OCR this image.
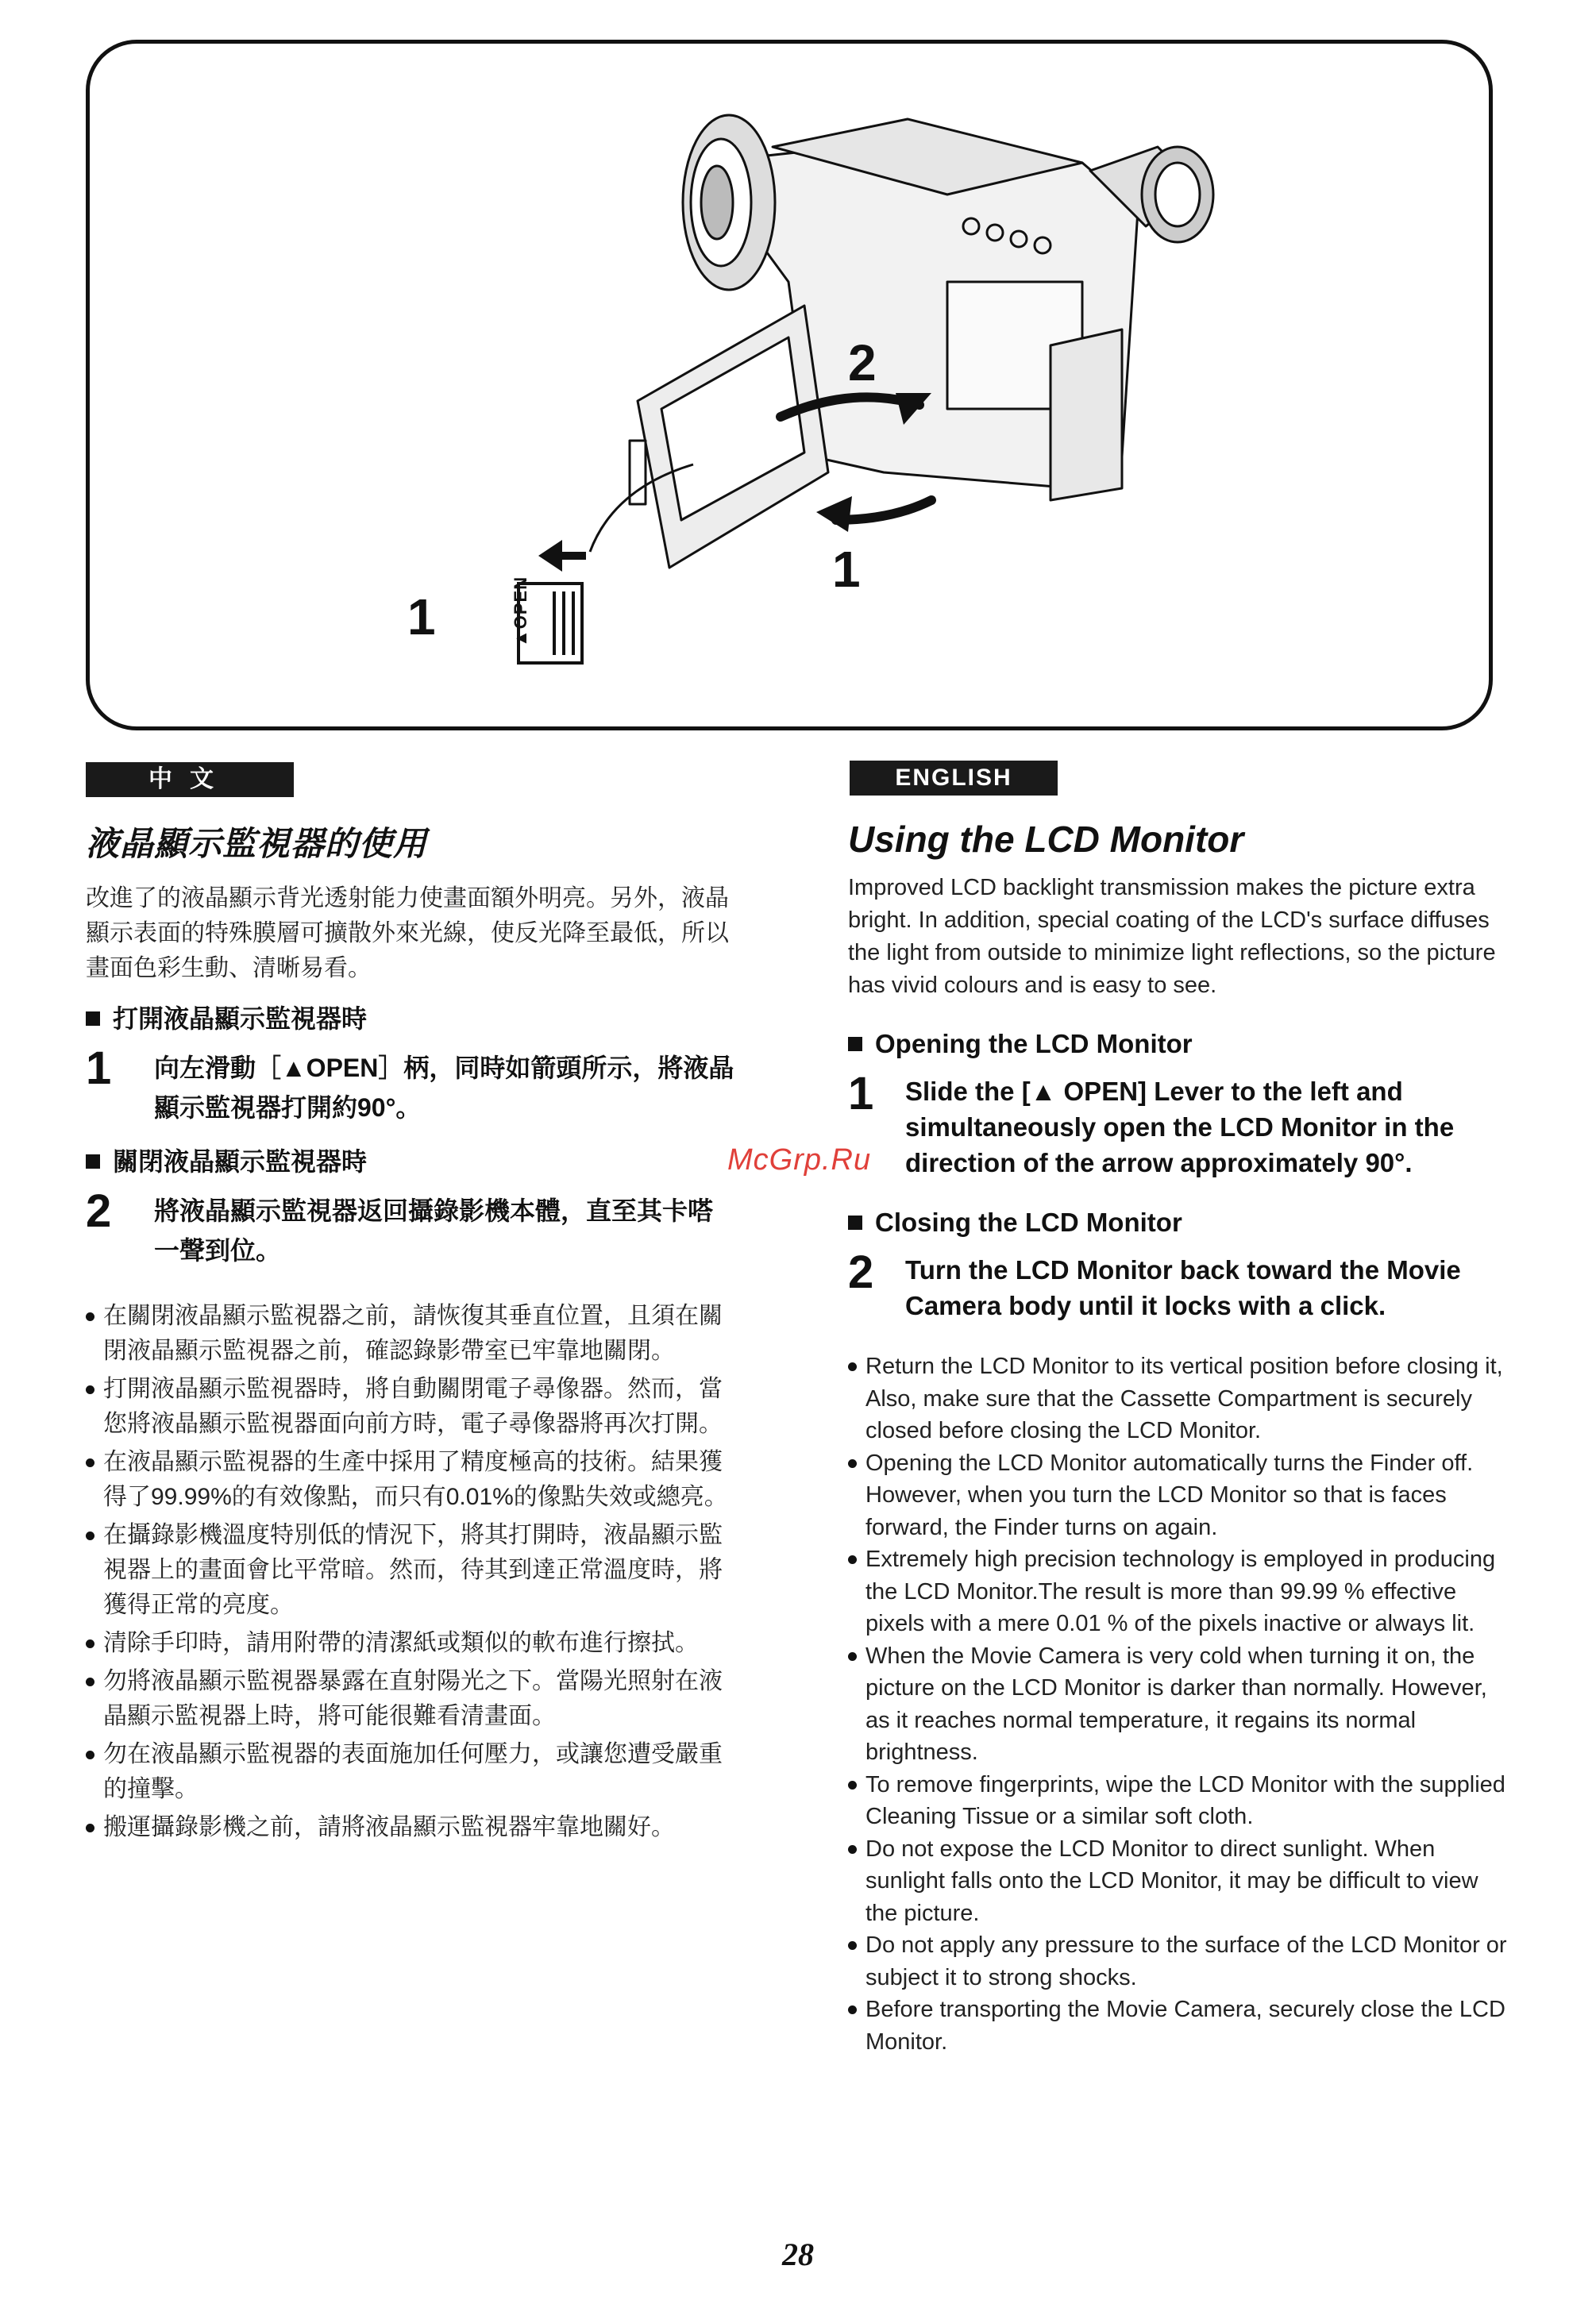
2
1
1	▲OPEN
中文	ENGLISH
液晶顯示監視器的使用

改進了的液晶顯示背光透射能力使畫面額外明亮。另外，液晶顯示表面的特殊膜層可擴散外來光線，使反光降至最低，所以畫面色彩生動、清晰易看。

打開液晶顯示監視器時
1	向左滑動［▲OPEN］柄，同時如箭頭所示，將液晶顯示監視器打開約90°。
關閉液晶顯示監視器時
2	將液晶顯示監視器返回攝錄影機本體，直至其卡嗒一聲到位。
在關閉液晶顯示監視器之前，請恢復其垂直位置，且須在關閉液晶顯示監視器之前，確認錄影帶室已牢靠地關閉。
打開液晶顯示監視器時，將自動關閉電子尋像器。然而，當您將液晶顯示監視器面向前方時，電子尋像器將再次打開。
在液晶顯示監視器的生產中採用了精度極高的技術。結果獲得了99.99%的有效像點，而只有0.01%的像點失效或總亮。
在攝錄影機溫度特別低的情況下，將其打開時，液晶顯示監視器上的畫面會比平常暗。然而，待其到達正常溫度時，將獲得正常的亮度。
清除手印時，請用附帶的清潔紙或類似的軟布進行擦拭。
勿將液晶顯示監視器暴露在直射陽光之下。當陽光照射在液晶顯示監視器上時，將可能很難看清畫面。
勿在液晶顯示監視器的表面施加任何壓力，或讓您遭受嚴重的撞擊。
搬運攝錄影機之前，請將液晶顯示監視器牢靠地關好。
Using the LCD Monitor

Improved LCD backlight transmission makes the picture extra bright. In addition, special coating of the LCD's surface diffuses the light from outside to minimize light reflections, so the picture has vivid colours and is easy to see.

Opening the LCD Monitor
1	Slide the [▲ OPEN] Lever to the left and simultaneously open the LCD Monitor in the direction of the arrow approximately 90°.
Closing the LCD Monitor
2	Turn the LCD Monitor back toward the Movie Camera body until it locks with a click.
Return the LCD Monitor to its vertical position before closing it, Also, make sure that the Cassette Compartment is securely closed before closing the LCD Monitor.
Opening the LCD Monitor automatically turns the Finder off. However, when you turn the LCD Monitor so that is faces forward, the Finder turns on again.
Extremely high precision technology is employed in producing the LCD Monitor.The result is more than 99.99 % effective pixels with a mere 0.01 % of the pixels inactive or always lit.
When the Movie Camera is very cold when turning it on, the picture on the LCD Monitor is darker than normally. However, as it reaches normal temperature, it regains its normal brightness.
To remove fingerprints, wipe the LCD Monitor with the supplied Cleaning Tissue or a similar soft cloth.
Do not expose the LCD Monitor to direct sunlight. When sunlight falls onto the LCD Monitor, it may be difficult to view the picture.
Do not apply any pressure to the surface of the LCD Monitor or subject it to strong shocks.
Before transporting the Movie Camera, securely close the LCD Monitor.
McGrp.Ru
28
